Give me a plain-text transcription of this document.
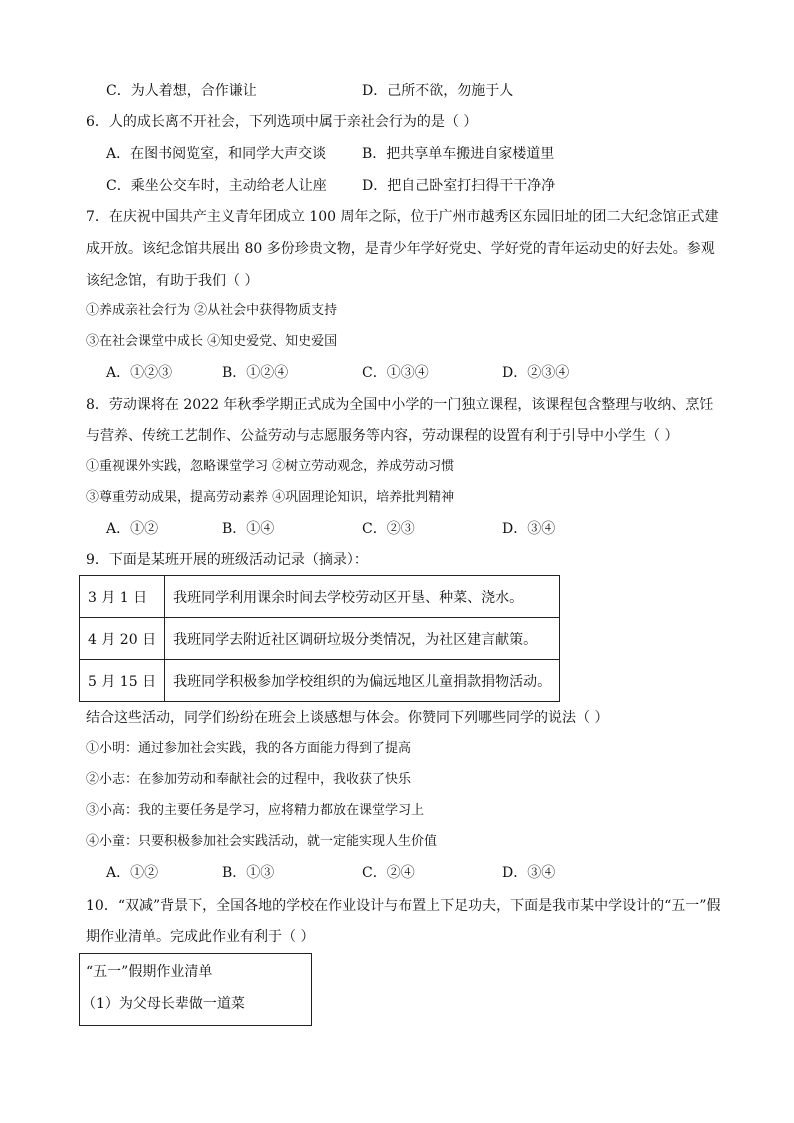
C．为人着想，合作谦让	D．己所不欲，勿施于人
6．人的成长离不开社会，下列选项中属于亲社会行为的是（ ）
A．在图书阅览室，和同学大声交谈	B．把共享单车搬进自家楼道里
C．乘坐公交车时，主动给老人让座	D．把自己卧室打扫得干干净净
7．在庆祝中国共产主义青年团成立 100 周年之际，位于广州市越秀区东园旧址的团二大纪念馆正式建
成开放。该纪念馆共展出 80 多份珍贵文物，是青少年学好党史、学好党的青年运动史的好去处。参观
该纪念馆，有助于我们（ ）
①养成亲社会行为 ②从社会中获得物质支持
③在社会课堂中成长 ④知史爱党、知史爱国
A．①②③	B．①②④	C．①③④	D．②③④
8．劳动课将在 2022 年秋季学期正式成为全国中小学的一门独立课程，该课程包含整理与收纳、烹饪
与营养、传统工艺制作、公益劳动与志愿服务等内容，劳动课程的设置有利于引导中小学生（ ）
①重视课外实践，忽略课堂学习 ②树立劳动观念，养成劳动习惯
③尊重劳动成果，提高劳动素养 ④巩固理论知识，培养批判精神
A．①②	B．①④	C．②③	D．③④
9．下面是某班开展的班级活动记录（摘录）：
3 月 1 日	我班同学利用课余时间去学校劳动区开垦、种菜、浇水。
4 月 20 日	我班同学去附近社区调研垃圾分类情况，为社区建言献策。
5 月 15 日	我班同学积极参加学校组织的为偏远地区儿童捐款捐物活动。
结合这些活动，同学们纷纷在班会上谈感想与体会。你赞同下列哪些同学的说法（ ）
①小明：通过参加社会实践，我的各方面能力得到了提高
②小志：在参加劳动和奉献社会的过程中，我收获了快乐
③小高：我的主要任务是学习，应将精力都放在课堂学习上
④小童：只要积极参加社会实践活动，就一定能实现人生价值
A．①②	B．①③	C．②④	D．③④
10．“双减”背景下，全国各地的学校在作业设计与布置上下足功夫，下面是我市某中学设计的“五一”假
期作业清单。完成此作业有利于（ ）
“五一”假期作业清单
（1）为父母长辈做一道菜
